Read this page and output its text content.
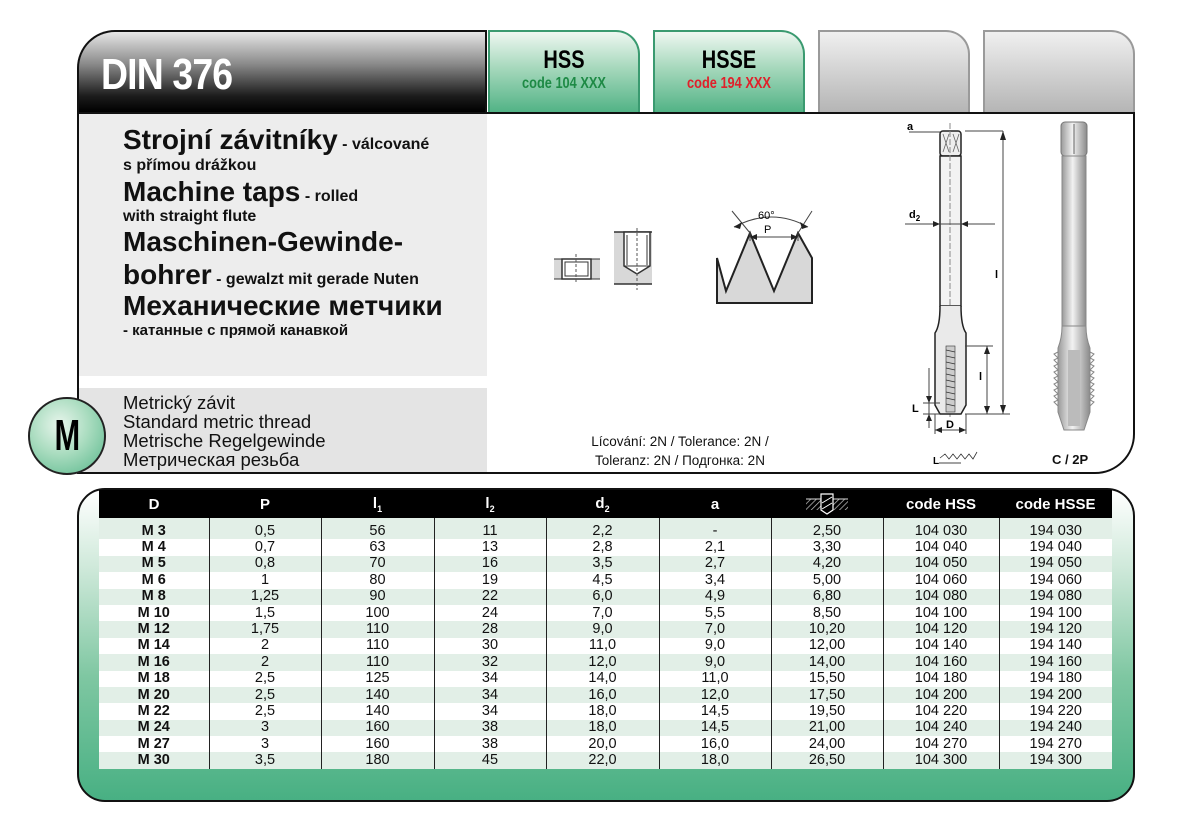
DIN 376	HSS
code 104 XXX
HSSE
code 194 XXX
Strojní závitníky - válcované
s přímou drážkou
Machine taps - rolled
with straight flute
Maschinen-Gewinde-
bohrer - gewalzt mit gerade Nuten
Механические метчики
- катанные с прямой канавкой
Metrický závit
Standard metric thread
Metrische Regelgewinde
Метрическая резьба
M
P
60°
a
$d_2$
l
l
L
D
L
Lícování: 2N / Tolerance: 2N /
Toleranz: 2N / Подгонка: 2N	C / 2P
D	P	$l_1$	$l_2$	$d_2$	a		code HSS	code HSSE

M 3	0,5	56	11	2,2	-	2,50	104 030	194 030
M 4	0,7	63	13	2,8	2,1	3,30	104 040	194 040
M 5	0,8	70	16	3,5	2,7	4,20	104 050	194 050
M 6	1	80	19	4,5	3,4	5,00	104 060	194 060
M 8	1,25	90	22	6,0	4,9	6,80	104 080	194 080
M 10	1,5	100	24	7,0	5,5	8,50	104 100	194 100
M 12	1,75	110	28	9,0	7,0	10,20	104 120	194 120
M 14	2	110	30	11,0	9,0	12,00	104 140	194 140
M 16	2	110	32	12,0	9,0	14,00	104 160	194 160
M 18	2,5	125	34	14,0	11,0	15,50	104 180	194 180
M 20	2,5	140	34	16,0	12,0	17,50	104 200	194 200
M 22	2,5	140	34	18,0	14,5	19,50	104 220	194 220
M 24	3	160	38	18,0	14,5	21,00	104 240	194 240
M 27	3	160	38	20,0	16,0	24,00	104 270	194 270
M 30	3,5	180	45	22,0	18,0	26,50	104 300	194 300
